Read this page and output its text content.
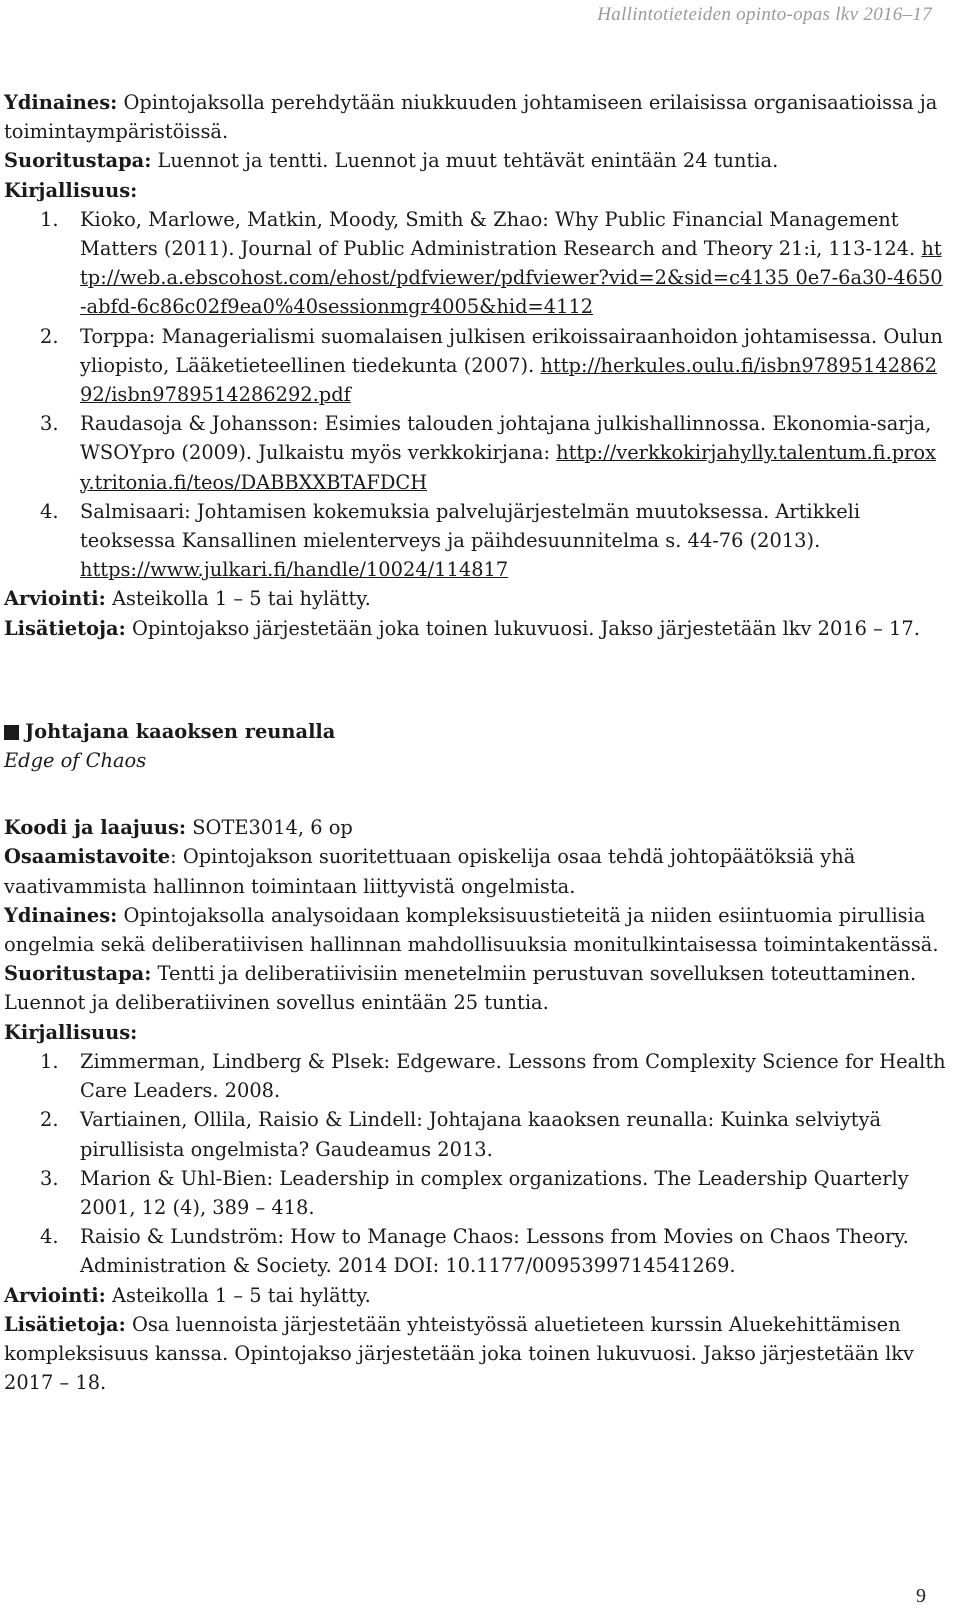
Hallintotieteiden opinto-opas lkv 2016–17

Ydinaines: Opintojaksolla perehdytään niukkuuden johtamiseen erilaisissa organisaatioissa ja toimintaympäristöissä.

Suoritustapa: Luennot ja tentti. Luennot ja muut tehtävät enintään 24 tuntia.

Kirjallisuus:

1. Kioko, Marlowe, Matkin, Moody, Smith & Zhao: Why Public Financial Management Matters (2011). Journal of Public Administration Research and Theory 21:i, 113-124. http://web.a.ebscohost.com/ehost/pdfviewer/pdfviewer?vid=2&sid=c4135 0e7-6a30-4650-abfd-6c86c02f9ea0%40sessionmgr4005&hid=4112
2. Torppa: Managerialismi suomalaisen julkisen erikoissairaanhoidon johtamisessa. Oulun yliopisto, Lääketieteellinen tiedekunta (2007). http://herkules.oulu.fi/isbn9789514286292/isbn9789514286292.pdf
3. Raudasoja & Johansson: Esimies talouden johtajana julkishallinnossa. Ekonomia-sarja, WSOYpro (2009). Julkaistu myös verkkokirjana: http://verkkokirjahylly.talentum.fi.proxy.tritonia.fi/teos/DABBXXBTAFDCH
4. Salmisaari: Johtamisen kokemuksia palvelujärjestelmän muutoksessa. Artikkeli teoksessa Kansallinen mielenterveys ja päihdesuunnitelma s. 44-76 (2013). https://www.julkari.fi/handle/10024/114817

Arviointi: Asteikolla 1 – 5 tai hylätty.

Lisätietoja: Opintojakso järjestetään joka toinen lukuvuosi. Jakso järjestetään lkv 2016 – 17.

Johtajana kaaoksen reunalla

Edge of Chaos

Koodi ja laajuus: SOTE3014, 6 op

Osaamistavoite: Opintojakson suoritettuaan opiskelija osaa tehdä johtopäätöksiä yhä vaativammista hallinnon toimintaan liittyvistä ongelmista.

Ydinaines: Opintojaksolla analysoidaan kompleksisuustieteitä ja niiden esiintuomia pirullisia ongelmia sekä deliberatiivisen hallinnan mahdollisuuksia monitulkintaisessa toimintakentässä.

Suoritustapa: Tentti ja deliberatiivisiin menetelmiin perustuvan sovelluksen toteuttaminen. Luennot ja deliberatiivinen sovellus enintään 25 tuntia.

Kirjallisuus:

1. Zimmerman, Lindberg & Plsek: Edgeware. Lessons from Complexity Science for Health Care Leaders. 2008.
2. Vartiainen, Ollila, Raisio & Lindell: Johtajana kaaoksen reunalla: Kuinka selviytyä pirullisista ongelmista? Gaudeamus 2013.
3. Marion & Uhl-Bien: Leadership in complex organizations. The Leadership Quarterly 2001, 12 (4), 389 – 418.
4. Raisio & Lundström: How to Manage Chaos: Lessons from Movies on Chaos Theory. Administration & Society. 2014 DOI: 10.1177/0095399714541269.

Arviointi: Asteikolla 1 – 5 tai hylätty.

Lisätietoja: Osa luennoista järjestetään yhteistyössä aluetieteen kurssin Aluekehittämisen kompleksisuus kanssa. Opintojakso järjestetään joka toinen lukuvuosi. Jakso järjestetään lkv 2017 – 18.

9
